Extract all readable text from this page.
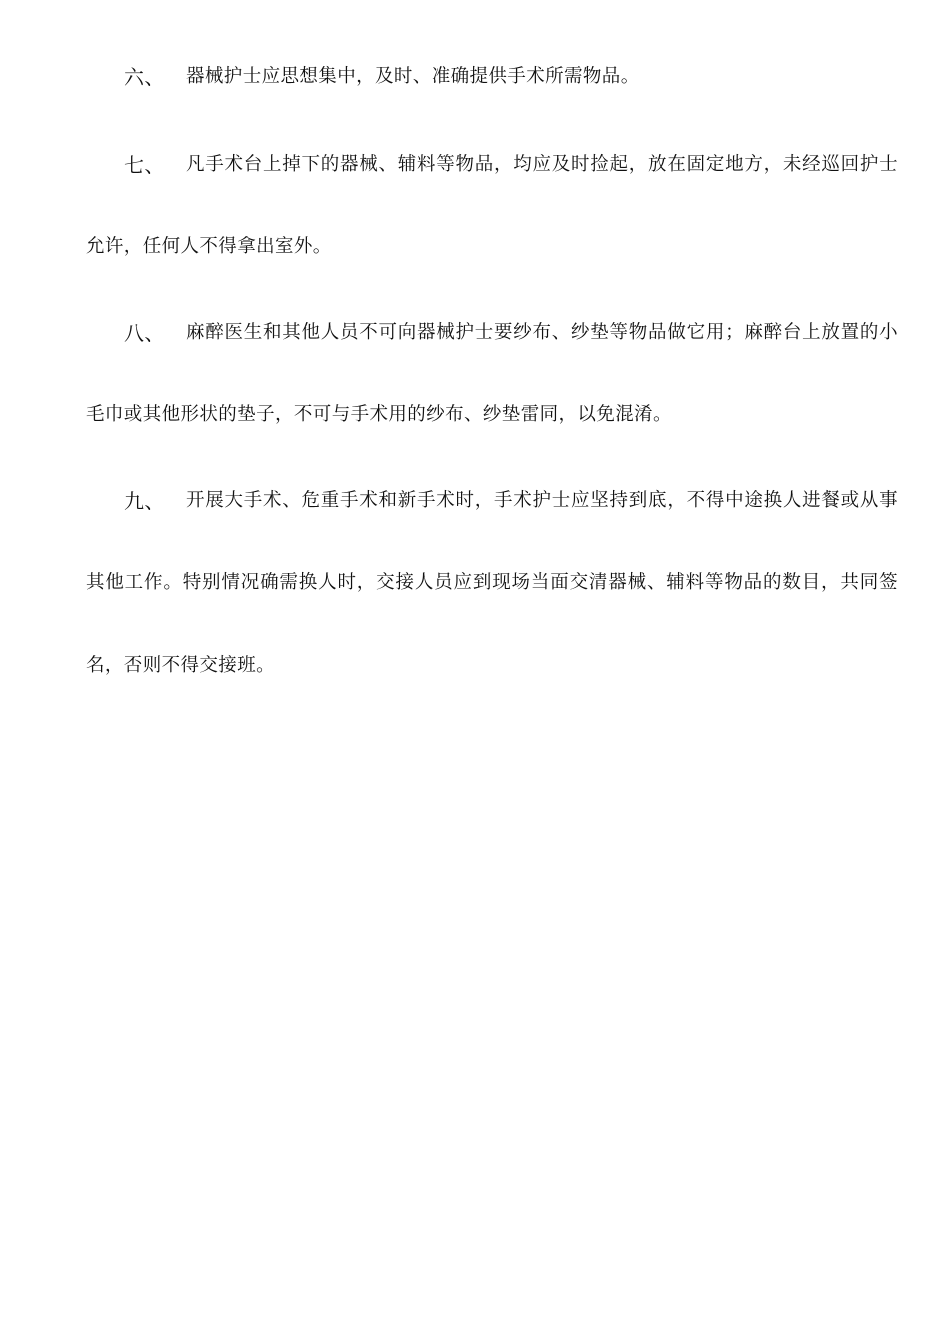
六、	器械护士应思想集中，及时、准确提供手术所需物品。
七、	凡手术台上掉下的器械、辅料等物品，均应及时捡起，放在固定地方，未经巡回护士
允许，任何人不得拿出室外。
八、	麻醉医生和其他人员不可向器械护士要纱布、纱垫等物品做它用；麻醉台上放置的小
毛巾或其他形状的垫子，不可与手术用的纱布、纱垫雷同，以免混淆。
九、	开展大手术、危重手术和新手术时，手术护士应坚持到底，不得中途换人进餐或从事
其他工作。特别情况确需换人时，交接人员应到现场当面交清器械、辅料等物品的数目，共同签
名，否则不得交接班。
